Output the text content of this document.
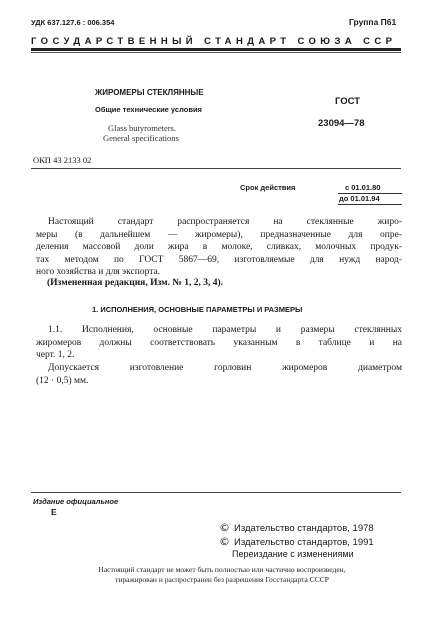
УДК 637.127.6 : 006.354	Группа П61
ГОСУДАРСТВЕННЫЙ СТАНДАРТ СОЮЗА ССР
ЖИРОМЕРЫ СТЕКЛЯННЫЕ
Общие технические условия
Glass butyrometers.
General specifications
ГОСТ
23094—78
ОКП 43 2133 02
Срок действия	с 01.01.80
до 01.01.94
Настоящий стандарт распространяется на стеклянные жиро-
меры (в дальнейшем — жиромеры), предназначенные для опре-
деления массовой доли жира в молоке, сливках, молочных продук-
тах методом по ГОСТ 5867—69, изготовляемые для нужд народ-
ного хозяйства и для экспорта.
(Измененная редакция, Изм. № 1, 2, 3, 4).
1. ИСПОЛНЕНИЯ, ОСНОВНЫЕ ПАРАМЕТРЫ И РАЗМЕРЫ
1.1. Исполнения, основные параметры и размеры стеклянных
жиромеров должны соответствовать указанным в таблице и на
черт. 1, 2.
Допускается изготовление горловин жиромеров диаметром
(12 · 0,5) мм.
Издание официальное
Е
© Издательство стандартов, 1978
© Издательство стандартов, 1991
Переиздание с изменениями
Настоящий стандарт не может быть полностью или частично воспроизведен,
тиражирован и распространен без разрешения Госстандарта СССР
